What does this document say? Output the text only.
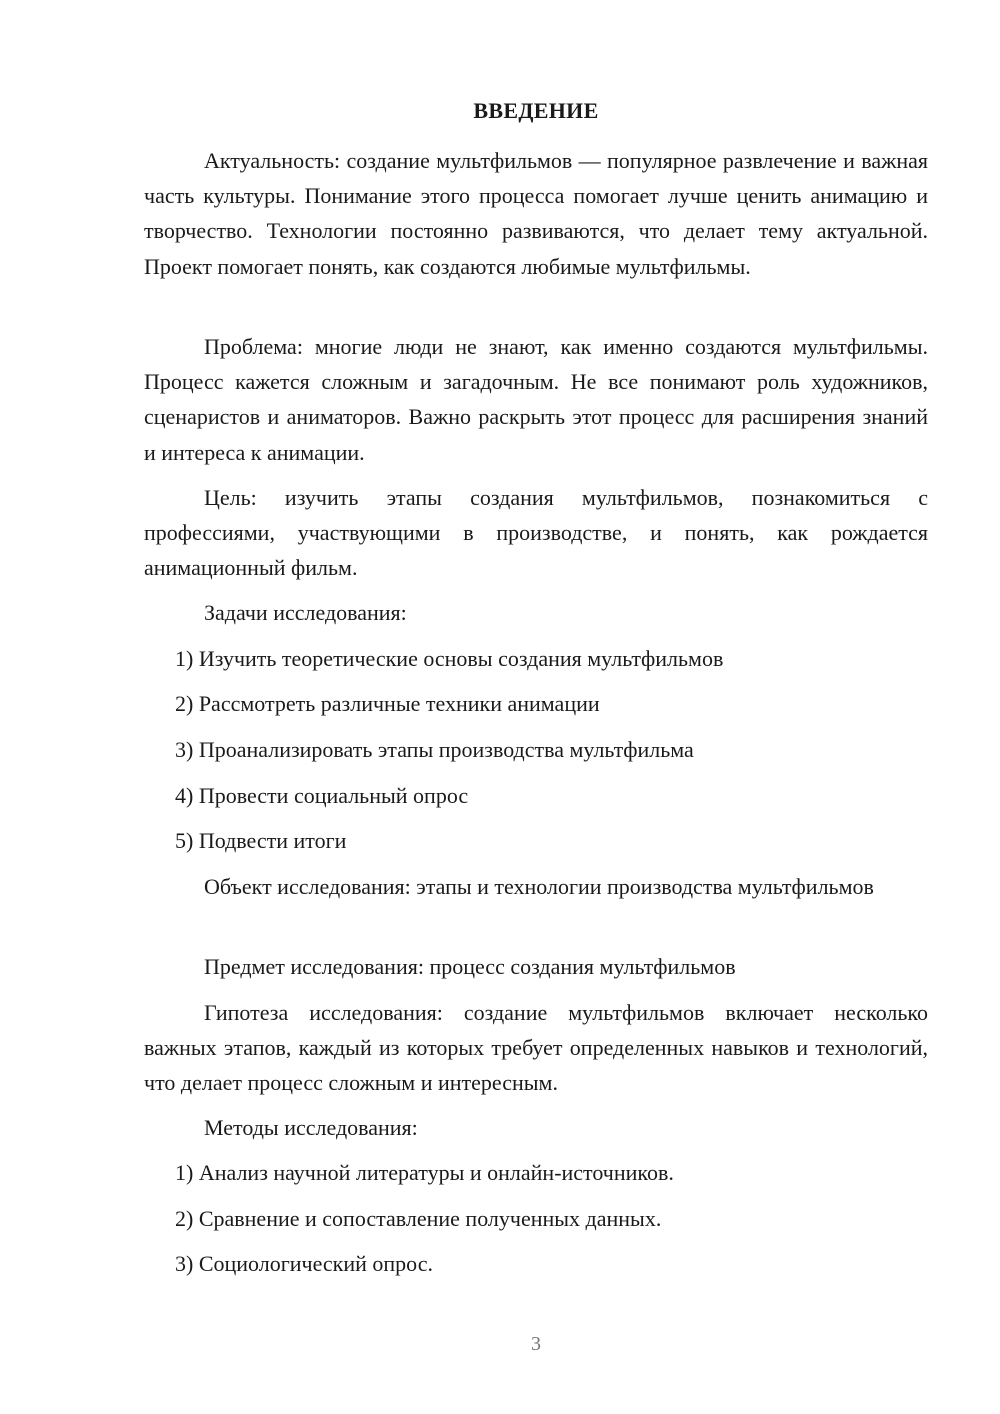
ВВЕДЕНИЕ

Актуальность: создание мультфильмов — популярное развлечение и важная часть культуры. Понимание этого процесса помогает лучше ценить анимацию и творчество. Технологии постоянно развиваются, что делает тему актуальной. Проект помогает понять, как создаются любимые мультфильмы.

Проблема: многие люди не знают, как именно создаются мультфильмы. Процесс кажется сложным и загадочным. Не все понимают роль художников, сценаристов и аниматоров. Важно раскрыть этот процесс для расширения знаний и интереса к анимации.

Цель: изучить этапы создания мультфильмов, познакомиться с профессиями, участвующими в производстве, и понять, как рождается анимационный фильм.

Задачи исследования:
1) Изучить теоретические основы создания мультфильмов
2) Рассмотреть различные техники анимации
3) Проанализировать этапы производства мультфильма
4) Провести социальный опрос
5) Подвести итоги

Объект исследования: этапы и технологии производства мультфильмов

Предмет исследования: процесс создания мультфильмов

Гипотеза исследования: создание мультфильмов включает несколько важных этапов, каждый из которых требует определенных навыков и технологий, что делает процесс сложным и интересным.

Методы исследования:
1) Анализ научной литературы и онлайн-источников.
2) Сравнение и сопоставление полученных данных.
3) Социологический опрос.
3
